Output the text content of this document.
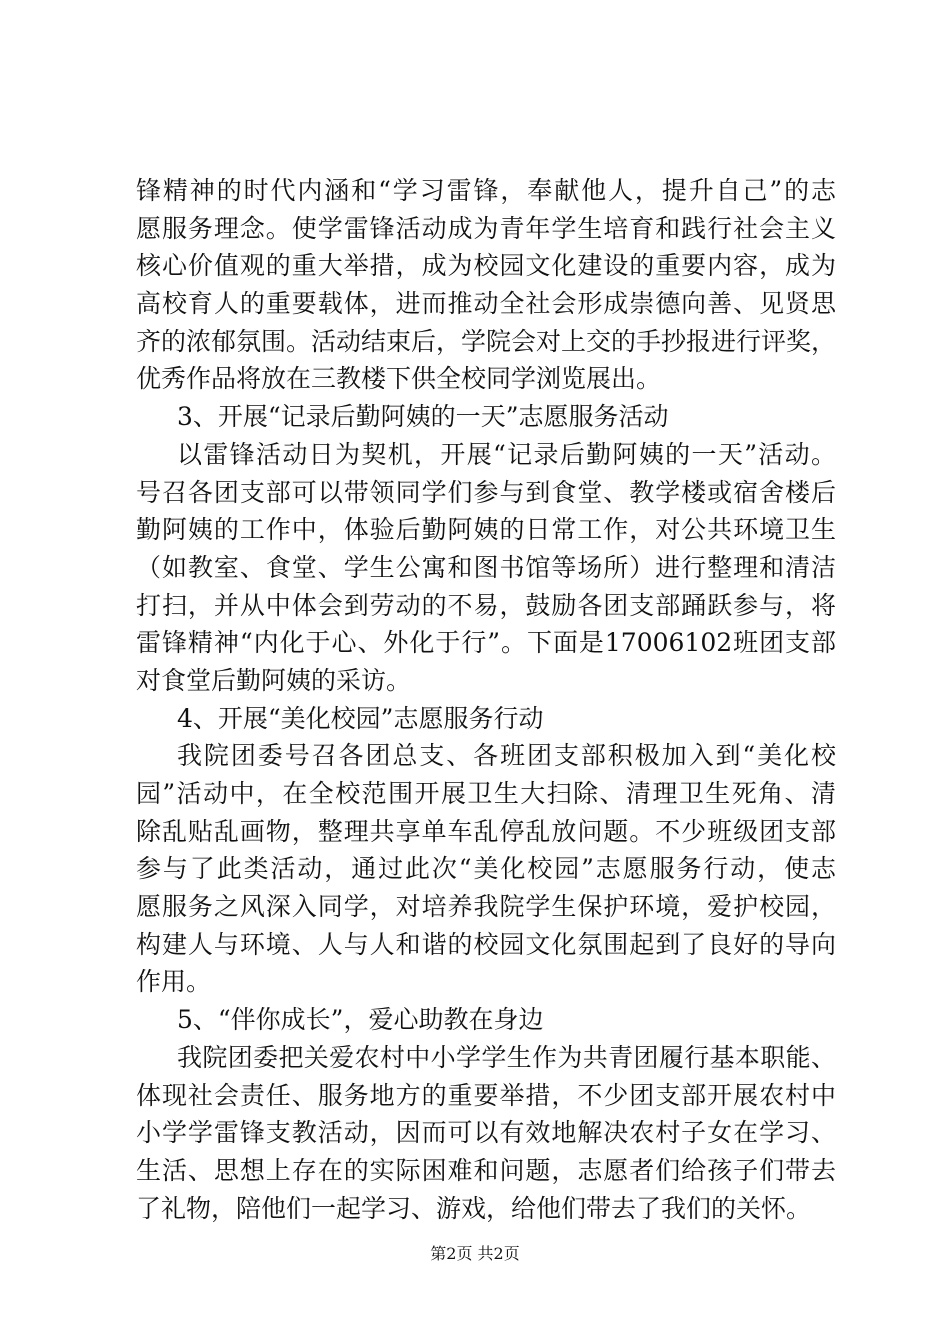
锋精神的时代内涵和“学习雷锋，奉献他人，提升自己”的志
愿服务理念。使学雷锋活动成为青年学生培育和践行社会主义
核心价值观的重大举措，成为校园文化建设的重要内容，成为
高校育人的重要载体，进而推动全社会形成崇德向善、见贤思
齐的浓郁氛围。活动结束后，学院会对上交的手抄报进行评奖，
优秀作品将放在三教楼下供全校同学浏览展出。
3、开展“记录后勤阿姨的一天”志愿服务活动
以雷锋活动日为契机，开展“记录后勤阿姨的一天”活动。
号召各团支部可以带领同学们参与到食堂、教学楼或宿舍楼后
勤阿姨的工作中，体验后勤阿姨的日常工作，对公共环境卫生
（如教室、食堂、学生公寓和图书馆等场所）进行整理和清洁
打扫，并从中体会到劳动的不易，鼓励各团支部踊跃参与，将
雷锋精神“内化于心、外化于行”。下面是17006102班团支部
对食堂后勤阿姨的采访。
4、开展“美化校园”志愿服务行动
我院团委号召各团总支、各班团支部积极加入到“美化校
园”活动中，在全校范围开展卫生大扫除、清理卫生死角、清
除乱贴乱画物，整理共享单车乱停乱放问题。不少班级团支部
参与了此类活动，通过此次“美化校园”志愿服务行动，使志
愿服务之风深入同学，对培养我院学生保护环境，爱护校园，
构建人与环境、人与人和谐的校园文化氛围起到了良好的导向
作用。
5、“伴你成长”，爱心助教在身边
我院团委把关爱农村中小学学生作为共青团履行基本职能、
体现社会责任、服务地方的重要举措，不少团支部开展农村中
小学学雷锋支教活动，因而可以有效地解决农村子女在学习、
生活、思想上存在的实际困难和问题，志愿者们给孩子们带去
了礼物，陪他们一起学习、游戏，给他们带去了我们的关怀。
第2页 共2页
